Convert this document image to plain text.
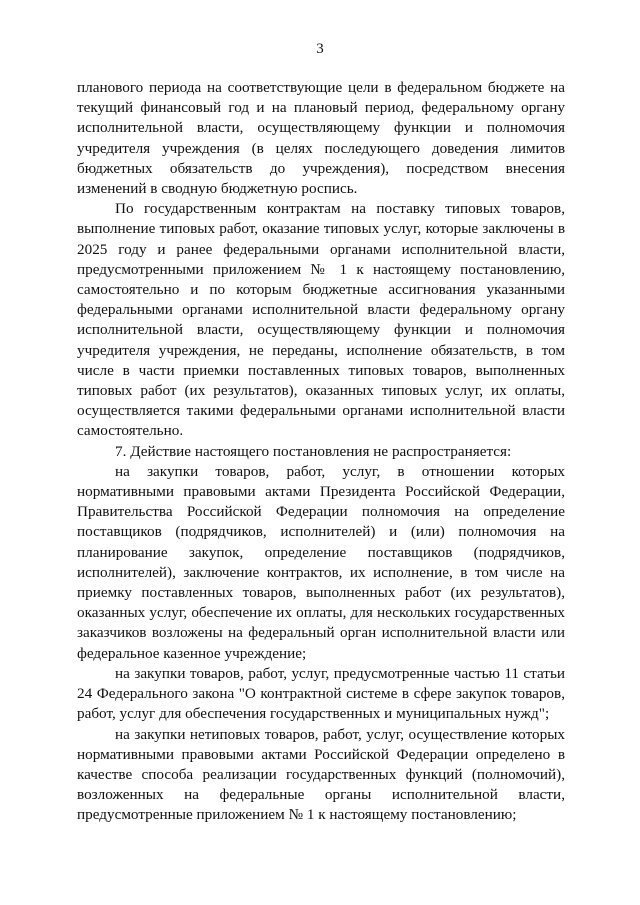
3

планового периода на соответствующие цели в федеральном бюджете на текущий финансовый год и на плановый период, федеральному органу исполнительной власти, осуществляющему функции и полномочия учредителя учреждения (в целях последующего доведения лимитов бюджетных обязательств до учреждения), посредством внесения изменений в сводную бюджетную роспись.

По государственным контрактам на поставку типовых товаров, выполнение типовых работ, оказание типовых услуг, которые заключены в 2025 году и ранее федеральными органами исполнительной власти, предусмотренными приложением № 1 к настоящему постановлению, самостоятельно и по которым бюджетные ассигнования указанными федеральными органами исполнительной власти федеральному органу исполнительной власти, осуществляющему функции и полномочия учредителя учреждения, не переданы, исполнение обязательств, в том числе в части приемки поставленных типовых товаров, выполненных типовых работ (их результатов), оказанных типовых услуг, их оплаты, осуществляется такими федеральными органами исполнительной власти самостоятельно.

7. Действие настоящего постановления не распространяется:

на закупки товаров, работ, услуг, в отношении которых нормативными правовыми актами Президента Российской Федерации, Правительства Российской Федерации полномочия на определение поставщиков (подрядчиков, исполнителей) и (или) полномочия на планирование закупок, определение поставщиков (подрядчиков, исполнителей), заключение контрактов, их исполнение, в том числе на приемку поставленных товаров, выполненных работ (их результатов), оказанных услуг, обеспечение их оплаты, для нескольких государственных заказчиков возложены на федеральный орган исполнительной власти или федеральное казенное учреждение;

на закупки товаров, работ, услуг, предусмотренные частью 11 статьи 24 Федерального закона "О контрактной системе в сфере закупок товаров, работ, услуг для обеспечения государственных и муниципальных нужд";

на закупки нетиповых товаров, работ, услуг, осуществление которых нормативными правовыми актами Российской Федерации определено в качестве способа реализации государственных функций (полномочий), возложенных на федеральные органы исполнительной власти, предусмотренные приложением № 1 к настоящему постановлению;
